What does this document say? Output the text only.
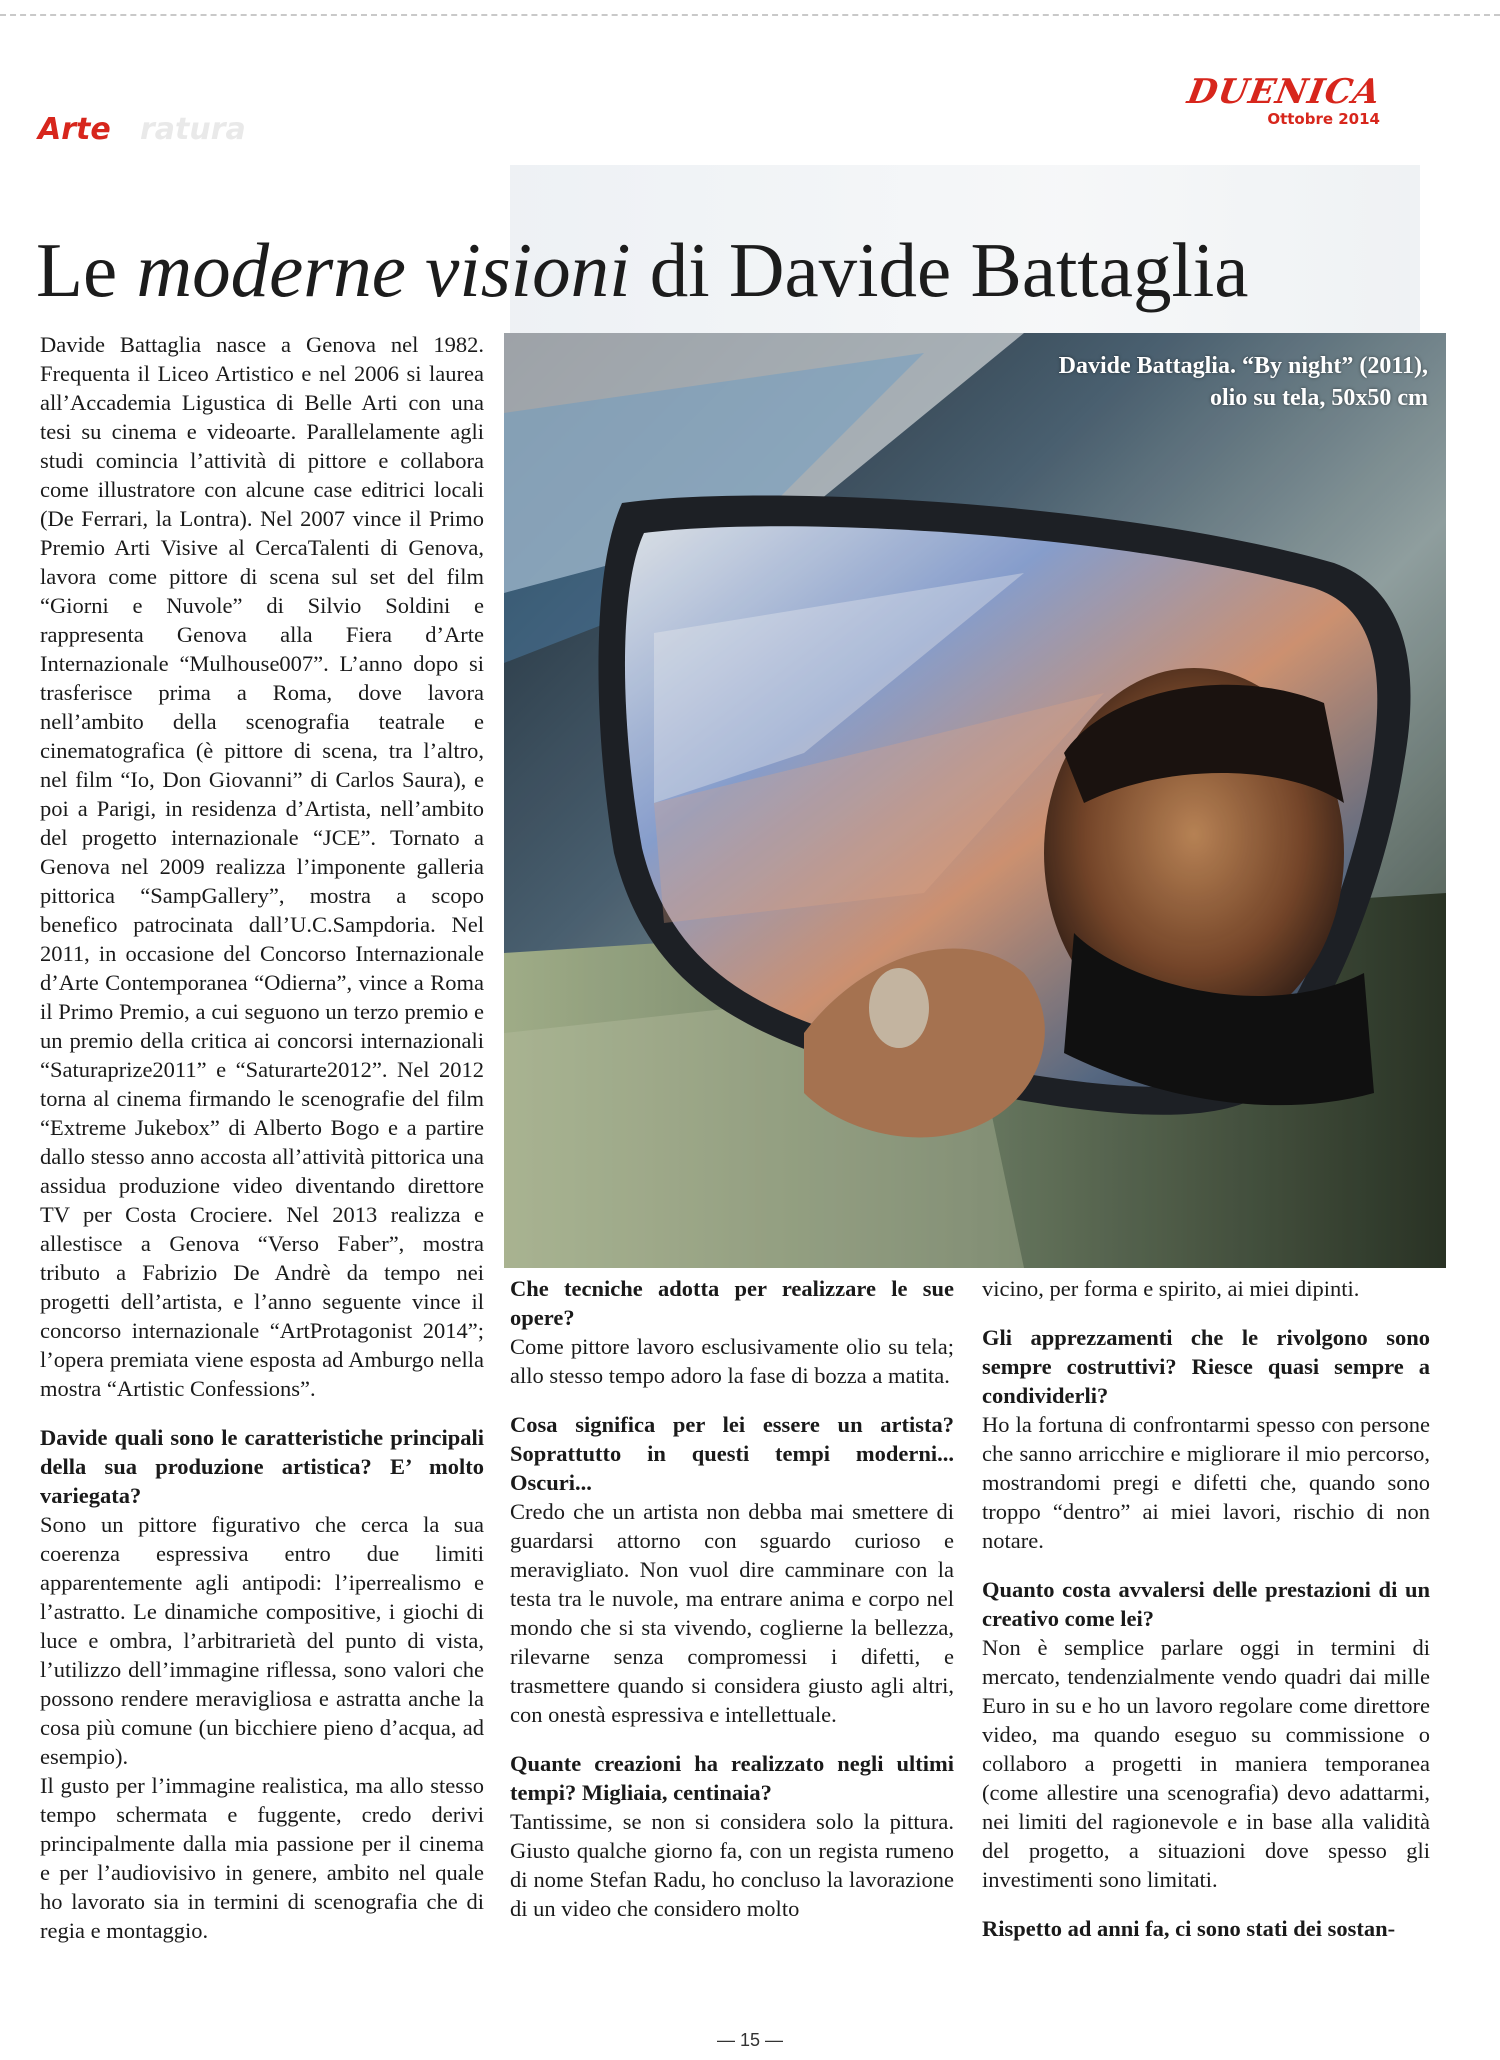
ratura
Arte
DUENICA
Ottobre 2014
Le moderne visioni di Davide Battaglia
Davide Battaglia. “By night” (2011), olio su tela, 50x50 cm

Davide Battaglia nasce a Genova nel 1982. Frequenta il Liceo Artistico e nel 2006 si laurea all’Accademia Ligustica di Belle Arti con una tesi su cinema e videoarte. Parallelamente agli studi comincia l’attività di pittore e collabora come illustratore con alcune case editrici locali (De Ferrari, la Lontra). Nel 2007 vince il Primo Premio Arti Visive al CercaTalenti di Genova, lavora come pittore di scena sul set del film “Giorni e Nuvole” di Silvio Soldini e rappresenta Genova alla Fiera d’Arte Internazionale “Mulhouse007”. L’anno dopo si trasferisce prima a Roma, dove lavora nell’ambito della scenografia teatrale e cinematografica (è pittore di scena, tra l’altro, nel film “Io, Don Giovanni” di Carlos Saura), e poi a Parigi, in residenza d’Artista, nell’ambito del progetto internazionale “JCE”. Tornato a Genova nel 2009 realizza l’imponente galleria pittorica “SampGallery”, mostra a scopo benefico patrocinata dall’U.C.Sampdoria. Nel 2011, in occasione del Concorso Internazionale d’Arte Contemporanea “Odierna”, vince a Roma il Primo Premio, a cui seguono un terzo premio e un premio della critica ai concorsi internazionali “Saturaprize2011” e “Saturarte2012”. Nel 2012 torna al cinema firmando le scenografie del film “Extreme Jukebox” di Alberto Bogo e a partire dallo stesso anno accosta all’attività pittorica una assidua produzione video diventando direttore TV per Costa Crociere. Nel 2013 realizza e allestisce a Genova “Verso Faber”, mostra tributo a Fabrizio De Andrè da tempo nei progetti dell’artista, e l’anno seguente vince il concorso internazionale “ArtProtagonist 2014”; l’opera premiata viene esposta ad Amburgo nella mostra “Artistic Confessions”.

Davide quali sono le caratteristiche principali della sua produzione artistica? E’ molto variegata?

Sono un pittore figurativo che cerca la sua coerenza espressiva entro due limiti apparentemente agli antipodi: l’iperrealismo e l’astratto. Le dinamiche compositive, i giochi di luce e ombra, l’arbitrarietà del punto di vista, l’utilizzo dell’immagine riflessa, sono valori che possono rendere meravigliosa e astratta anche la cosa più comune (un bicchiere pieno d’acqua, ad esempio).

Il gusto per l’immagine realistica, ma allo stesso tempo schermata e fuggente, credo derivi principalmente dalla mia passione per il cinema e per l’audiovisivo in genere, ambito nel quale ho lavorato sia in termini di scenografia che di regia e montaggio.

Che tecniche adotta per realizzare le sue opere?

Come pittore lavoro esclusivamente olio su tela; allo stesso tempo adoro la fase di bozza a matita.

Cosa significa per lei essere un artista? Soprattutto in questi tempi moderni... Oscuri...

Credo che un artista non debba mai smettere di guardarsi attorno con sguardo curioso e meravigliato. Non vuol dire camminare con la testa tra le nuvole, ma entrare anima e corpo nel mondo che si sta vivendo, coglierne la bellezza, rilevarne senza compromessi i difetti, e trasmettere quando si considera giusto agli altri, con onestà espressiva e intellettuale.

Quante creazioni ha realizzato negli ultimi tempi? Migliaia, centinaia?

Tantissime, se non si considera solo la pittura. Giusto qualche giorno fa, con un regista rumeno di nome Stefan Radu, ho concluso la lavorazione di un video che considero molto

vicino, per forma e spirito, ai miei dipinti.

Gli apprezzamenti che le rivolgono sono sempre costruttivi? Riesce quasi sempre a condividerli?

Ho la fortuna di confrontarmi spesso con persone che sanno arricchire e migliorare il mio percorso, mostrandomi pregi e difetti che, quando sono troppo “dentro” ai miei lavori, rischio di non notare.

Quanto costa avvalersi delle prestazioni di un creativo come lei?

Non è semplice parlare oggi in termini di mercato, tendenzialmente vendo quadri dai mille Euro in su e ho un lavoro regolare come direttore video, ma quando eseguo su commissione o collaboro a progetti in maniera temporanea (come allestire una scenografia) devo adattarmi, nei limiti del ragionevole e in base alla validità del progetto, a situazioni dove spesso gli investimenti sono limitati.

Rispetto ad anni fa, ci sono stati dei sostan-

— 15 —
